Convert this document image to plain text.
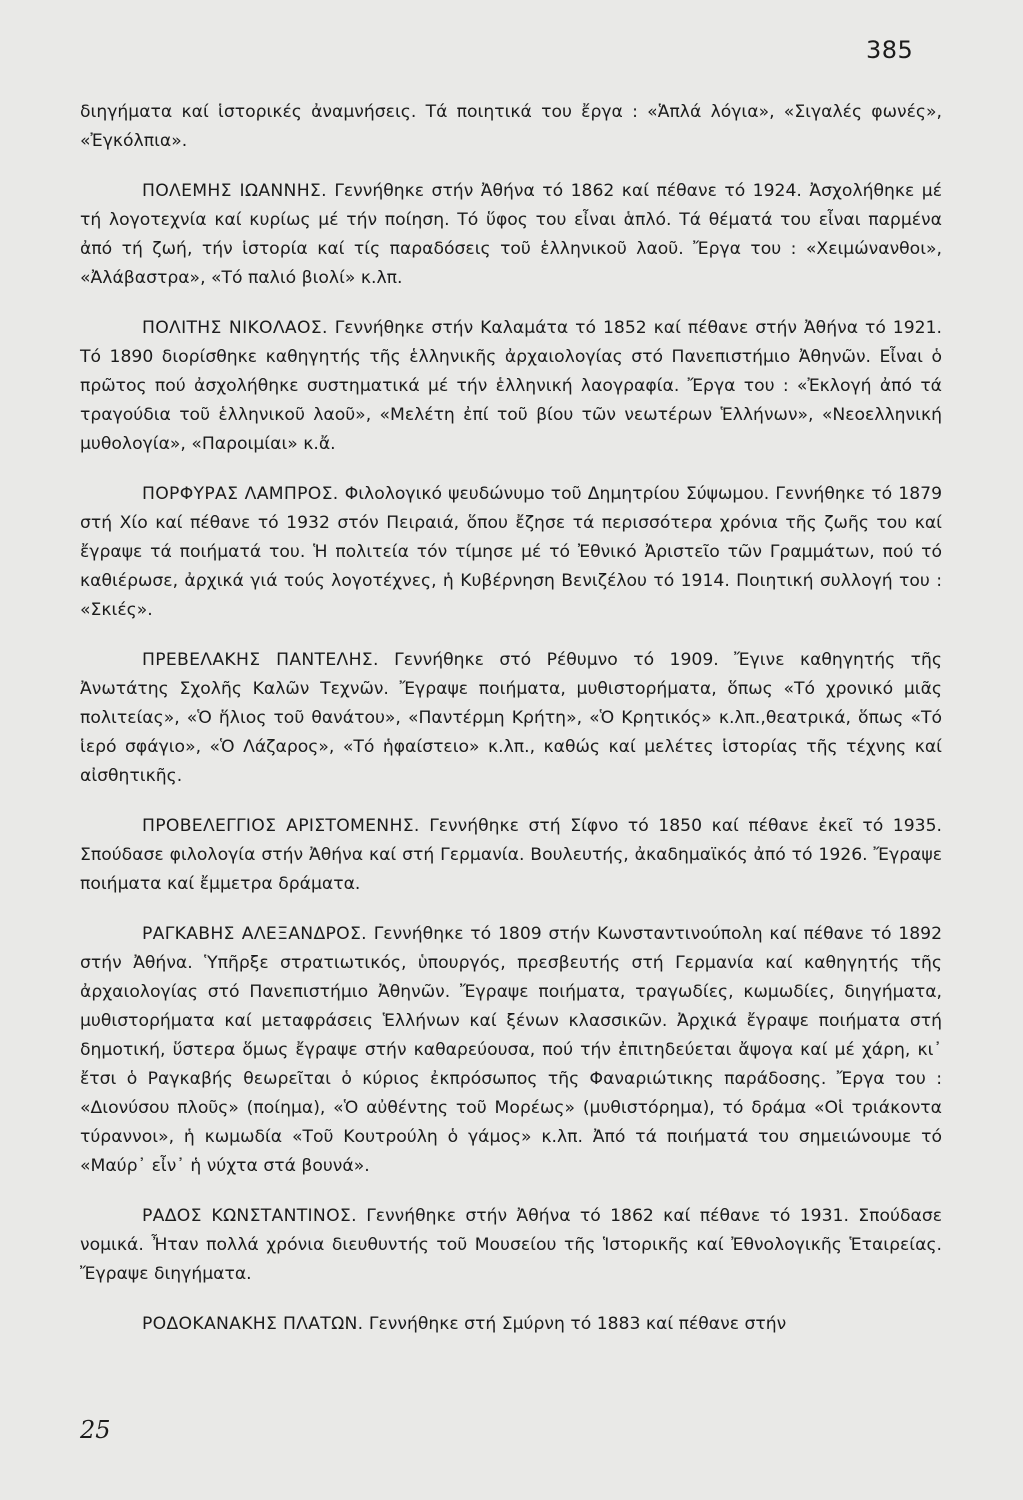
385

διηγήματα καί ἱστορικές ἀναμνήσεις. Τά ποιητικά του ἔργα : «Ἁπλά λόγια», «Σιγαλές φωνές», «Ἐγκόλπια».

ΠΟΛΕΜΗΣ ΙΩΑΝΝΗΣ. Γεννήθηκε στήν Ἀθήνα τό 1862 καί πέθανε τό 1924. Ἀσχολήθηκε μέ τή λογοτεχνία καί κυρίως μέ τήν ποίηση. Τό ὕφος του εἶναι ἁπλό. Τά θέματά του εἶναι παρμένα ἀπό τή ζωή, τήν ἱστορία καί τίς παραδόσεις τοῦ ἑλληνικοῦ λαοῦ. Ἔργα του : «Χειμώνανθοι», «Ἀλάβαστρα», «Τό παλιό βιολί» κ.λπ.

ΠΟΛΙΤΗΣ ΝΙΚΟΛΑΟΣ. Γεννήθηκε στήν Καλαμάτα τό 1852 καί πέθανε στήν Ἀθήνα τό 1921. Τό 1890 διορίσθηκε καθηγητής τῆς ἑλληνικῆς ἀρχαιολογίας στό Πανεπιστήμιο Ἀθηνῶν. Εἶναι ὁ πρῶτος πού ἀσχολήθηκε συστηματικά μέ τήν ἑλληνική λαογραφία. Ἔργα του : «Ἐκλογή ἀπό τά τραγούδια τοῦ ἑλληνικοῦ λαοῦ», «Μελέτη ἐπί τοῦ βίου τῶν νεωτέρων Ἑλλήνων», «Νεοελληνική μυθολογία», «Παροιμίαι» κ.ἄ.

ΠΟΡΦΥΡΑΣ ΛΑΜΠΡΟΣ. Φιλολογικό ψευδώνυμο τοῦ Δημητρίου Σύψωμου. Γεννήθηκε τό 1879 στή Χίο καί πέθανε τό 1932 στόν Πειραιά, ὅπου ἔζησε τά περισσότερα χρόνια τῆς ζωῆς του καί ἔγραψε τά ποιήματά του. Ἡ πολιτεία τόν τίμησε μέ τό Ἐθνικό Ἀριστεῖο τῶν Γραμμάτων, πού τό καθιέρωσε, ἀρχικά γιά τούς λογοτέχνες, ἡ Κυβέρνηση Βενιζέλου τό 1914. Ποιητική συλλογή του : «Σκιές».

ΠΡΕΒΕΛΑΚΗΣ ΠΑΝΤΕΛΗΣ. Γεννήθηκε στό Ρέθυμνο τό 1909. Ἔγινε καθηγητής τῆς Ἀνωτάτης Σχολῆς Καλῶν Τεχνῶν. Ἔγραψε ποιήματα, μυθιστορήματα, ὅπως «Τό χρονικό μιᾶς πολιτείας», «Ὁ ἥλιος τοῦ θανάτου», «Παντέρμη Κρήτη», «Ὁ Κρητικός» κ.λπ.,θεατρικά, ὅπως «Τό ἱερό σφάγιο», «Ὁ Λάζαρος», «Τό ἡφαίστειο» κ.λπ., καθώς καί μελέτες ἱστορίας τῆς τέχνης καί αἰσθητικῆς.

ΠΡΟΒΕΛΕΓΓΙΟΣ ΑΡΙΣΤΟΜΕΝΗΣ. Γεννήθηκε στή Σίφνο τό 1850 καί πέθανε ἐκεῖ τό 1935. Σπούδασε φιλολογία στήν Ἀθήνα καί στή Γερμανία. Βουλευτής, ἀκαδημαϊκός ἀπό τό 1926. Ἔγραψε ποιήματα καί ἔμμετρα δράματα.

ΡΑΓΚΑΒΗΣ ΑΛΕΞΑΝΔΡΟΣ. Γεννήθηκε τό 1809 στήν Κωνσταντινούπολη καί πέθανε τό 1892 στήν Ἀθήνα. Ὑπῆρξε στρατιωτικός, ὑπουργός, πρεσβευτής στή Γερμανία καί καθηγητής τῆς ἀρχαιολογίας στό Πανεπιστήμιο Ἀθηνῶν. Ἔγραψε ποιήματα, τραγωδίες, κωμωδίες, διηγήματα, μυθιστορήματα καί μεταφράσεις Ἑλλήνων καί ξένων κλασσικῶν. Ἀρχικά ἔγραψε ποιήματα στή δημοτική, ὕστερα ὅμως ἔγραψε στήν καθαρεύουσα, πού τήν ἐπιτηδεύεται ἄψογα καί μέ χάρη, κι᾿ ἔτσι ὁ Ραγκαβής θεωρεῖται ὁ κύριος ἐκπρόσωπος τῆς Φαναριώτικης παράδοσης. Ἔργα του : «Διονύσου πλοῦς» (ποίημα), «Ὁ αὐθέντης τοῦ Μορέως» (μυθιστόρημα), τό δράμα «Οἱ τριάκοντα τύραννοι», ἡ κωμωδία «Τοῦ Κουτρούλη ὁ γάμος» κ.λπ. Ἀπό τά ποιήματά του σημειώνουμε τό «Μαύρ᾿ εἶν᾿ ἡ νύχτα στά βουνά».

ΡΑΔΟΣ ΚΩΝΣΤΑΝΤΙΝΟΣ. Γεννήθηκε στήν Ἀθήνα τό 1862 καί πέθανε τό 1931. Σπούδασε νομικά. Ἦταν πολλά χρόνια διευθυντής τοῦ Μουσείου τῆς Ἱστορικῆς καί Ἐθνολογικῆς Ἑταιρείας. Ἔγραψε διηγήματα.

ΡΟΔΟΚΑΝΑΚΗΣ ΠΛΑΤΩΝ. Γεννήθηκε στή Σμύρνη τό 1883 καί πέθανε στήν

25
